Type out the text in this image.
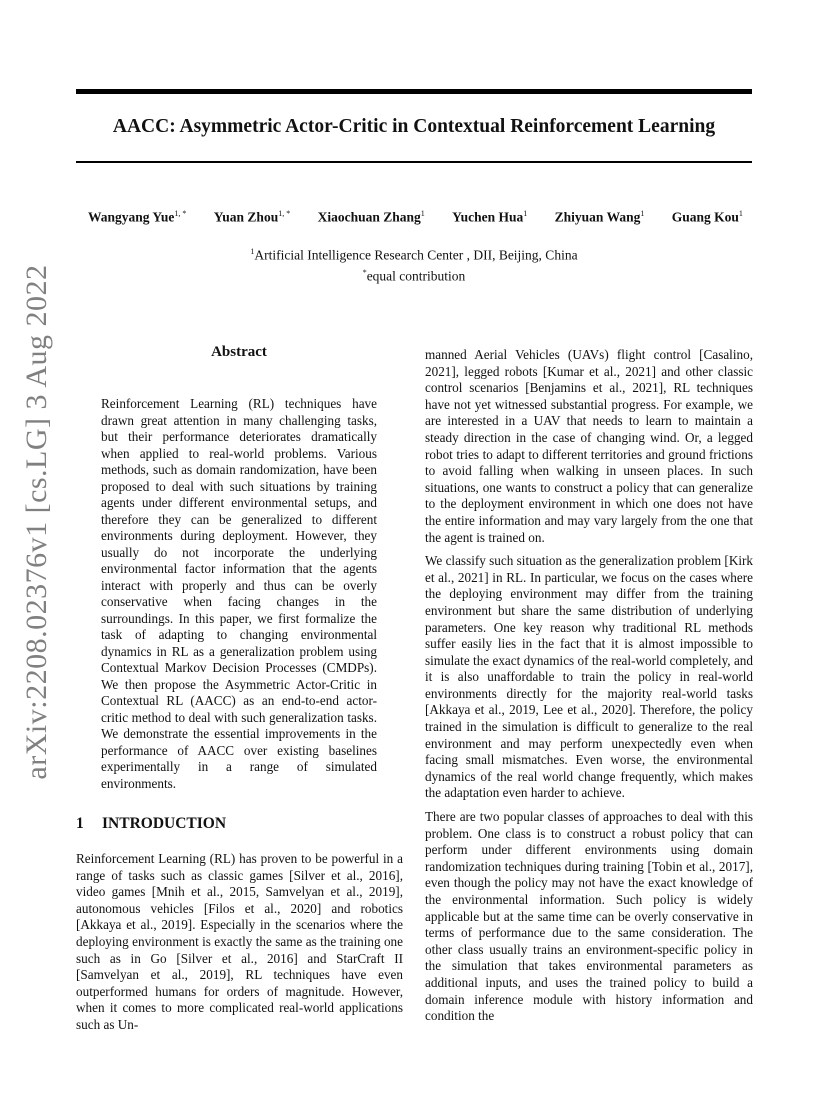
AACC: Asymmetric Actor-Critic in Contextual Reinforcement Learning
Wangyang Yue$^{1, *}$ Yuan Zhou$^{1, *}$ Xiaochuan Zhang$^1$ Yuchen Hua$^1$ Zhiyuan Wang$^1$ Guang Kou$^1$
$^1$Artificial Intelligence Research Center , DII, Beijing, China
*equal contribution
arXiv:2208.02376v1 [cs.LG] 3 Aug 2022	Abstract
Reinforcement Learning (RL) techniques have drawn great attention in many challenging tasks, but their performance deteriorates dramatically when applied to real-world problems. Various methods, such as domain randomization, have been proposed to deal with such situations by training agents under different environmental setups, and therefore they can be generalized to different environments during deployment. However, they usually do not incorporate the underlying environmental factor information that the agents interact with properly and thus can be overly conservative when facing changes in the surroundings. In this paper, we first formalize the task of adapting to changing environmental dynamics in RL as a generalization problem using Contextual Markov Decision Processes (CMDPs). We then propose the Asymmetric Actor-Critic in Contextual RL (AACC) as an end-to-end actor-critic method to deal with such generalization tasks. We demonstrate the essential improvements in the performance of AACC over existing baselines experimentally in a range of simulated environments.
1 INTRODUCTION

Reinforcement Learning (RL) has proven to be powerful in a range of tasks such as classic games [Silver et al., 2016], video games [Mnih et al., 2015, Samvelyan et al., 2019], autonomous vehicles [Filos et al., 2020] and robotics [Akkaya et al., 2019]. Especially in the scenarios where the deploying environment is exactly the same as the training one such as in Go [Silver et al., 2016] and StarCraft II [Samvelyan et al., 2019], RL techniques have even outperformed humans for orders of magnitude. However, when it comes to more complicated real-world applications such as Un-

manned Aerial Vehicles (UAVs) flight control [Casalino, 2021], legged robots [Kumar et al., 2021] and other classic control scenarios [Benjamins et al., 2021], RL techniques have not yet witnessed substantial progress. For example, we are interested in a UAV that needs to learn to maintain a steady direction in the case of changing wind. Or, a legged robot tries to adapt to different territories and ground frictions to avoid falling when walking in unseen places. In such situations, one wants to construct a policy that can generalize to the deployment environment in which one does not have the entire information and may vary largely from the one that the agent is trained on.

We classify such situation as the generalization problem [Kirk et al., 2021] in RL. In particular, we focus on the cases where the deploying environment may differ from the training environment but share the same distribution of underlying parameters. One key reason why traditional RL methods suffer easily lies in the fact that it is almost impossible to simulate the exact dynamics of the real-world completely, and it is also unaffordable to train the policy in real-world environments directly for the majority real-world tasks [Akkaya et al., 2019, Lee et al., 2020]. Therefore, the policy trained in the simulation is difficult to generalize to the real environment and may perform unexpectedly even when facing small mismatches. Even worse, the environmental dynamics of the real world change frequently, which makes the adaptation even harder to achieve.

There are two popular classes of approaches to deal with this problem. One class is to construct a robust policy that can perform under different environments using domain randomization techniques during training [Tobin et al., 2017], even though the policy may not have the exact knowledge of the environmental information. Such policy is widely applicable but at the same time can be overly conservative in terms of performance due to the same consideration. The other class usually trains an environment-specific policy in the simulation that takes environmental parameters as additional inputs, and uses the trained policy to build a domain inference module with history information and condition the
